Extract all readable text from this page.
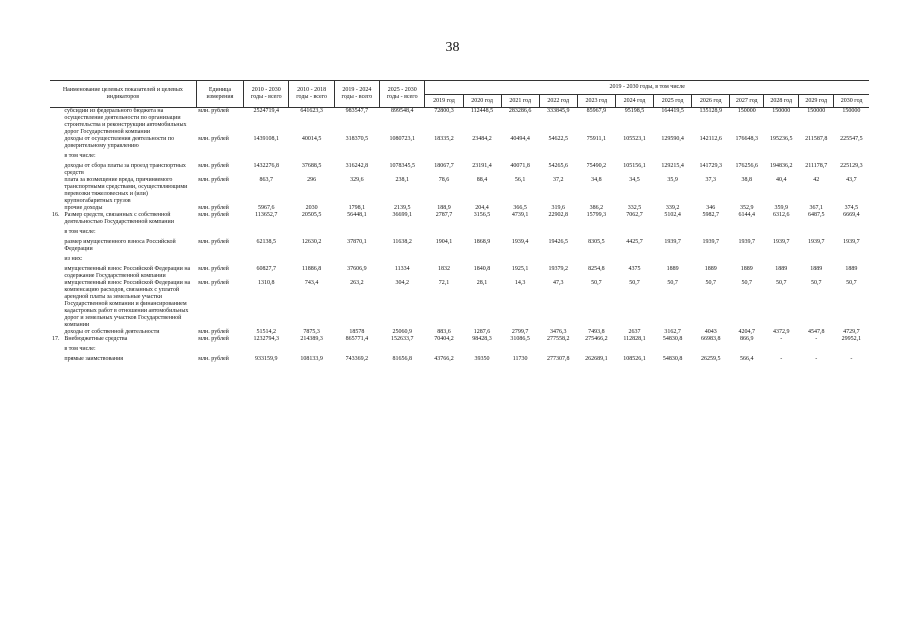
38
Наименование целевых показателей и целевых индикаторов		Единица измерения	2010 - 2030 годы - всего	2010 - 2018 годы - всего	2019 - 2024 годы - всего	2025 - 2030 годы - всего	2019 - 2030 годы, в том числе											
							2019 год	2020 год	2021 год	2022 год	2023 год	2024 год	2025 год	2026 год	2027 год	2028 год	2029 год	2030 год
	субсидии из федерального бюджета на осуществление деятельности по организации строительства и реконструкции автомобильных дорог Государственной компании	млн. рублей	2524719,4	641623,3	983547,7	899548,4	72800,3	112448,5	283286,6	333845,9	85967,9	95198,5	164419,5	135128,9	150000	150000	150000	150000
	доходы от осуществления деятельности по доверительному управлению	млн. рублей	1439108,1	40014,5	318370,5	1080723,1	18335,2	23484,2	40494,4	54622,5	75911,1	105523,1	129590,4	142112,6	176648,3	195236,5	211587,8	225547,5
	в том числе:																	
	доходы от сбора платы за проезд транспортных средств	млн. рублей	1432276,8	37688,5	316242,8	1078345,5	18067,7	23191,4	40071,8	54265,6	75490,2	105156,1	129215,4	141729,3	176256,6	194836,2	211178,7	225129,3
	плата за возмещение вреда, причиняемого транспортными средствами, осуществляющими перевозки тяжеловесных и (или) крупногабаритных грузов	млн. рублей	863,7	296	329,6	238,1	78,6	88,4	56,1	37,2	34,8	34,5	35,9	37,3	38,8	40,4	42	43,7
	прочие доходы	млн. рублей	5967,6	2030	1798,1	2139,5	188,9	204,4	366,5	319,6	386,2	332,5	339,2	346	352,9	359,9	367,1	374,5
16.	Размер средств, связанных с собственной деятельностью Государственной компании	млн. рублей	113652,7	20505,5	56448,1	36699,1	2787,7	3156,5	4739,1	22902,8	15799,3	7062,7	5102,4	5982,7	6144,4	6312,6	6487,5	6669,4
	в том числе:																	
	размер имущественного взноса Российской Федерации	млн. рублей	62138,5	12630,2	37870,1	11638,2	1904,1	1868,9	1939,4	19426,5	8305,5	4425,7	1939,7	1939,7	1939,7	1939,7	1939,7	1939,7
	из них:																	
	имущественный взнос Российской Федерации на содержание Государственной компании	млн. рублей	60827,7	11886,8	37606,9	11334	1832	1840,8	1925,1	19379,2	8254,8	4375	1889	1889	1889	1889	1889	1889
	имущественный взнос Российской Федерации на компенсацию расходов, связанных с уплатой арендной платы за земельные участки Государственной компании и финансированием кадастровых работ в отношении автомобильных дорог и земельных участков Государственной компании	млн. рублей	1310,8	743,4	263,2	304,2	72,1	28,1	14,3	47,3	50,7	50,7	50,7	50,7	50,7	50,7	50,7	50,7
	доходы от собственной деятельности	млн. рублей	51514,2	7875,3	18578	25060,9	883,6	1287,6	2799,7	3476,3	7493,8	2637	3162,7	4043	4204,7	4372,9	4547,8	4729,7
17.	Внебюджетные средства	млн. рублей	1232794,3	214389,3	865771,4	152633,7	70404,2	98428,3	31086,5	277558,2	275466,2	112828,1	54830,8	66983,8	866,9	-	-	29952,1
	в том числе:																	
	прямые заимствования	млн. рублей	933159,9	108133,9	743369,2	81656,8	43766,2	39350	11730	277307,8	262689,1	108526,1	54830,8	26259,5	566,4	-	-	-
